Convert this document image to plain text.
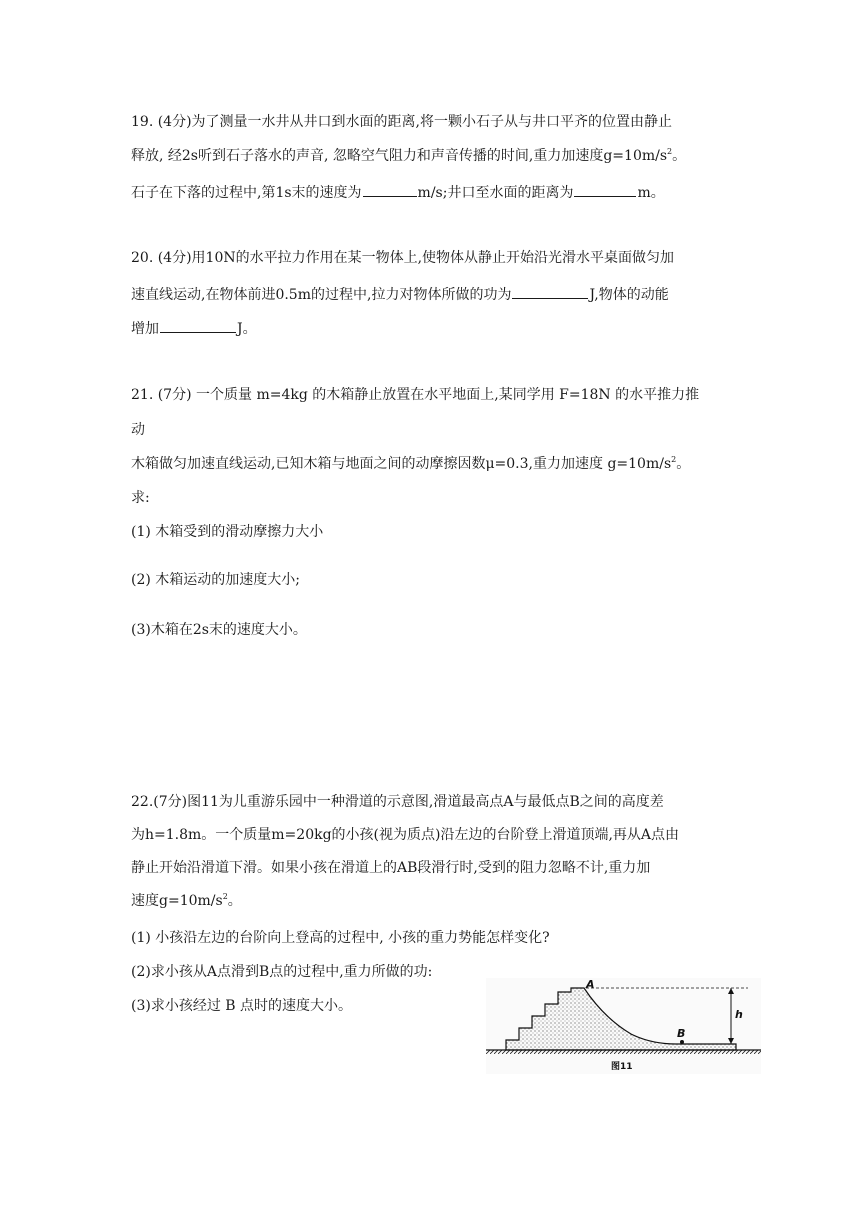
19. (4分)为了测量一水井从井口到水面的距离,将一颗小石子从与井口平齐的位置由静止
释放, 经2s听到石子落水的声音, 忽略空气阻力和声音传播的时间,重力加速度$g=10m/s^2$。
石子在下落的过程中,第1s末的速度为	m/s;井口至水面的距离为	m。
20. (4分)用10N的水平拉力作用在某一物体上,使物体从静止开始沿光滑水平桌面做匀加
速直线运动,在物体前进0.5m的过程中,拉力对物体所做的功为	J,物体的动能
增加	J。
21. (7分) 一个质量 m=4kg 的木箱静止放置在水平地面上,某同学用 F=18N 的水平推力推
动
木箱做匀加速直线运动,已知木箱与地面之间的动摩擦因数μ=0.3,重力加速度 $g=10m/s^2$。
求:
(1) 木箱受到的滑动摩擦力大小
(2) 木箱运动的加速度大小;
(3)木箱在2s末的速度大小。
22.(7分)图11为儿重游乐园中一种滑道的示意图,滑道最高点A与最低点B之间的高度差
为h=1.8m。一个质量m=20kg的小孩(视为质点)沿左边的台阶登上滑道顶端,再从A点由
静止开始沿滑道下滑。如果小孩在滑道上的AB段滑行时,受到的阻力忽略不计,重力加
速度$g=10m/s^2$。
(1) 小孩沿左边的台阶向上登高的过程中, 小孩的重力势能怎样变化?
(2)求小孩从A点滑到B点的过程中,重力所做的功:
(3)求小孩经过 B 点时的速度大小。
A
B
h
图11
